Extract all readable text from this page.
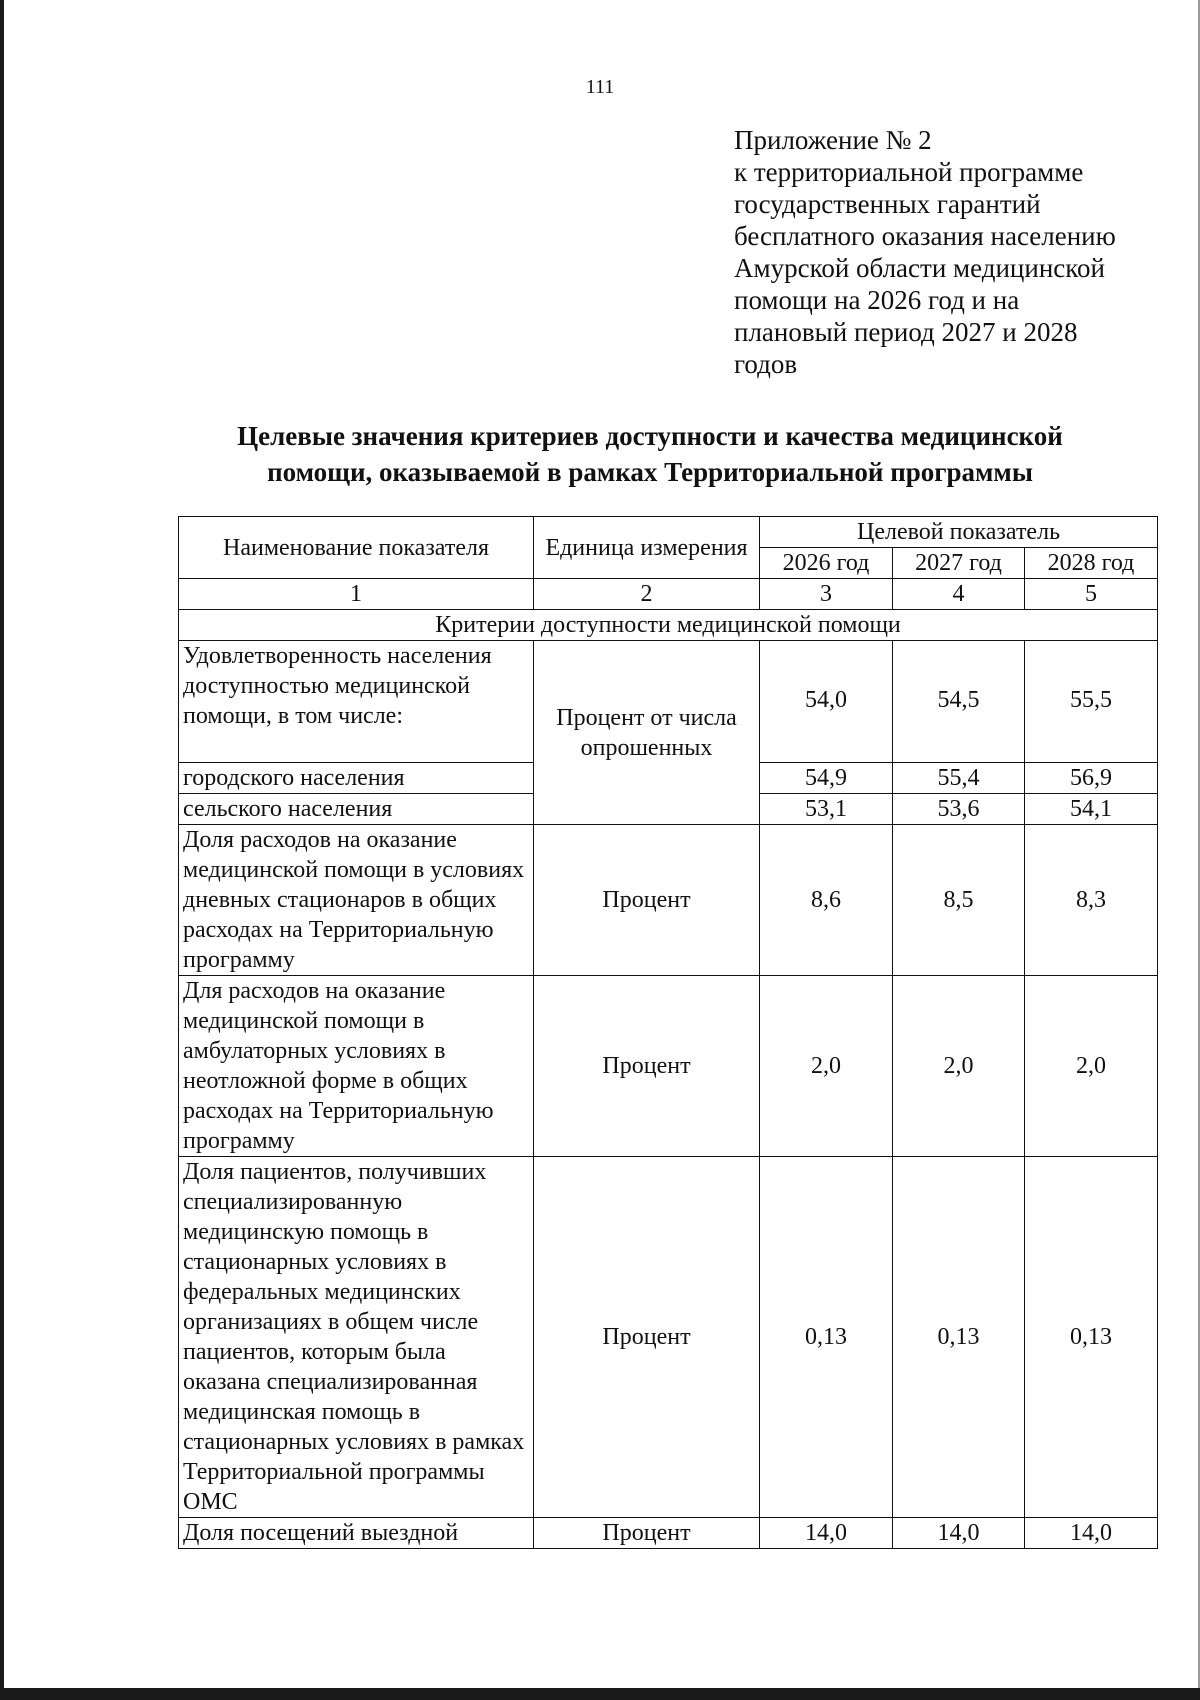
111
Приложение № 2
к территориальной программе
государственных гарантий
бесплатного оказания населению
Амурской области медицинской
помощи на 2026 год и на
плановый период 2027 и 2028
годов
Целевые значения критериев доступности и качества медицинской
помощи, оказываемой в рамках Территориальной программы
Наименование показателя	Единица измерения	Целевой показатель		
		2026 год	2027 год	2028 год
1	2	3	4	5
Критерии доступности медицинской помощи				
Удовлетворенность населения доступностью медицинской помощи, в том числе:	Процент от числа опрошенных	54,0	54,5	55,5
городского населения		54,9	55,4	56,9
сельского населения		53,1	53,6	54,1
Доля расходов на оказание медицинской помощи в условиях дневных стационаров в общих расходах на Территориальную программу	Процент	8,6	8,5	8,3
Для расходов на оказание медицинской помощи в амбулаторных условиях в неотложной форме в общих расходах на Территориальную программу	Процент	2,0	2,0	2,0
Доля пациентов, получивших специализированную медицинскую помощь в стационарных условиях в федеральных медицинских организациях в общем числе пациентов, которым была оказана специализированная медицинская помощь в стационарных условиях в рамках Территориальной программы ОМС	Процент	0,13	0,13	0,13
Доля посещений выездной	Процент	14,0	14,0	14,0
